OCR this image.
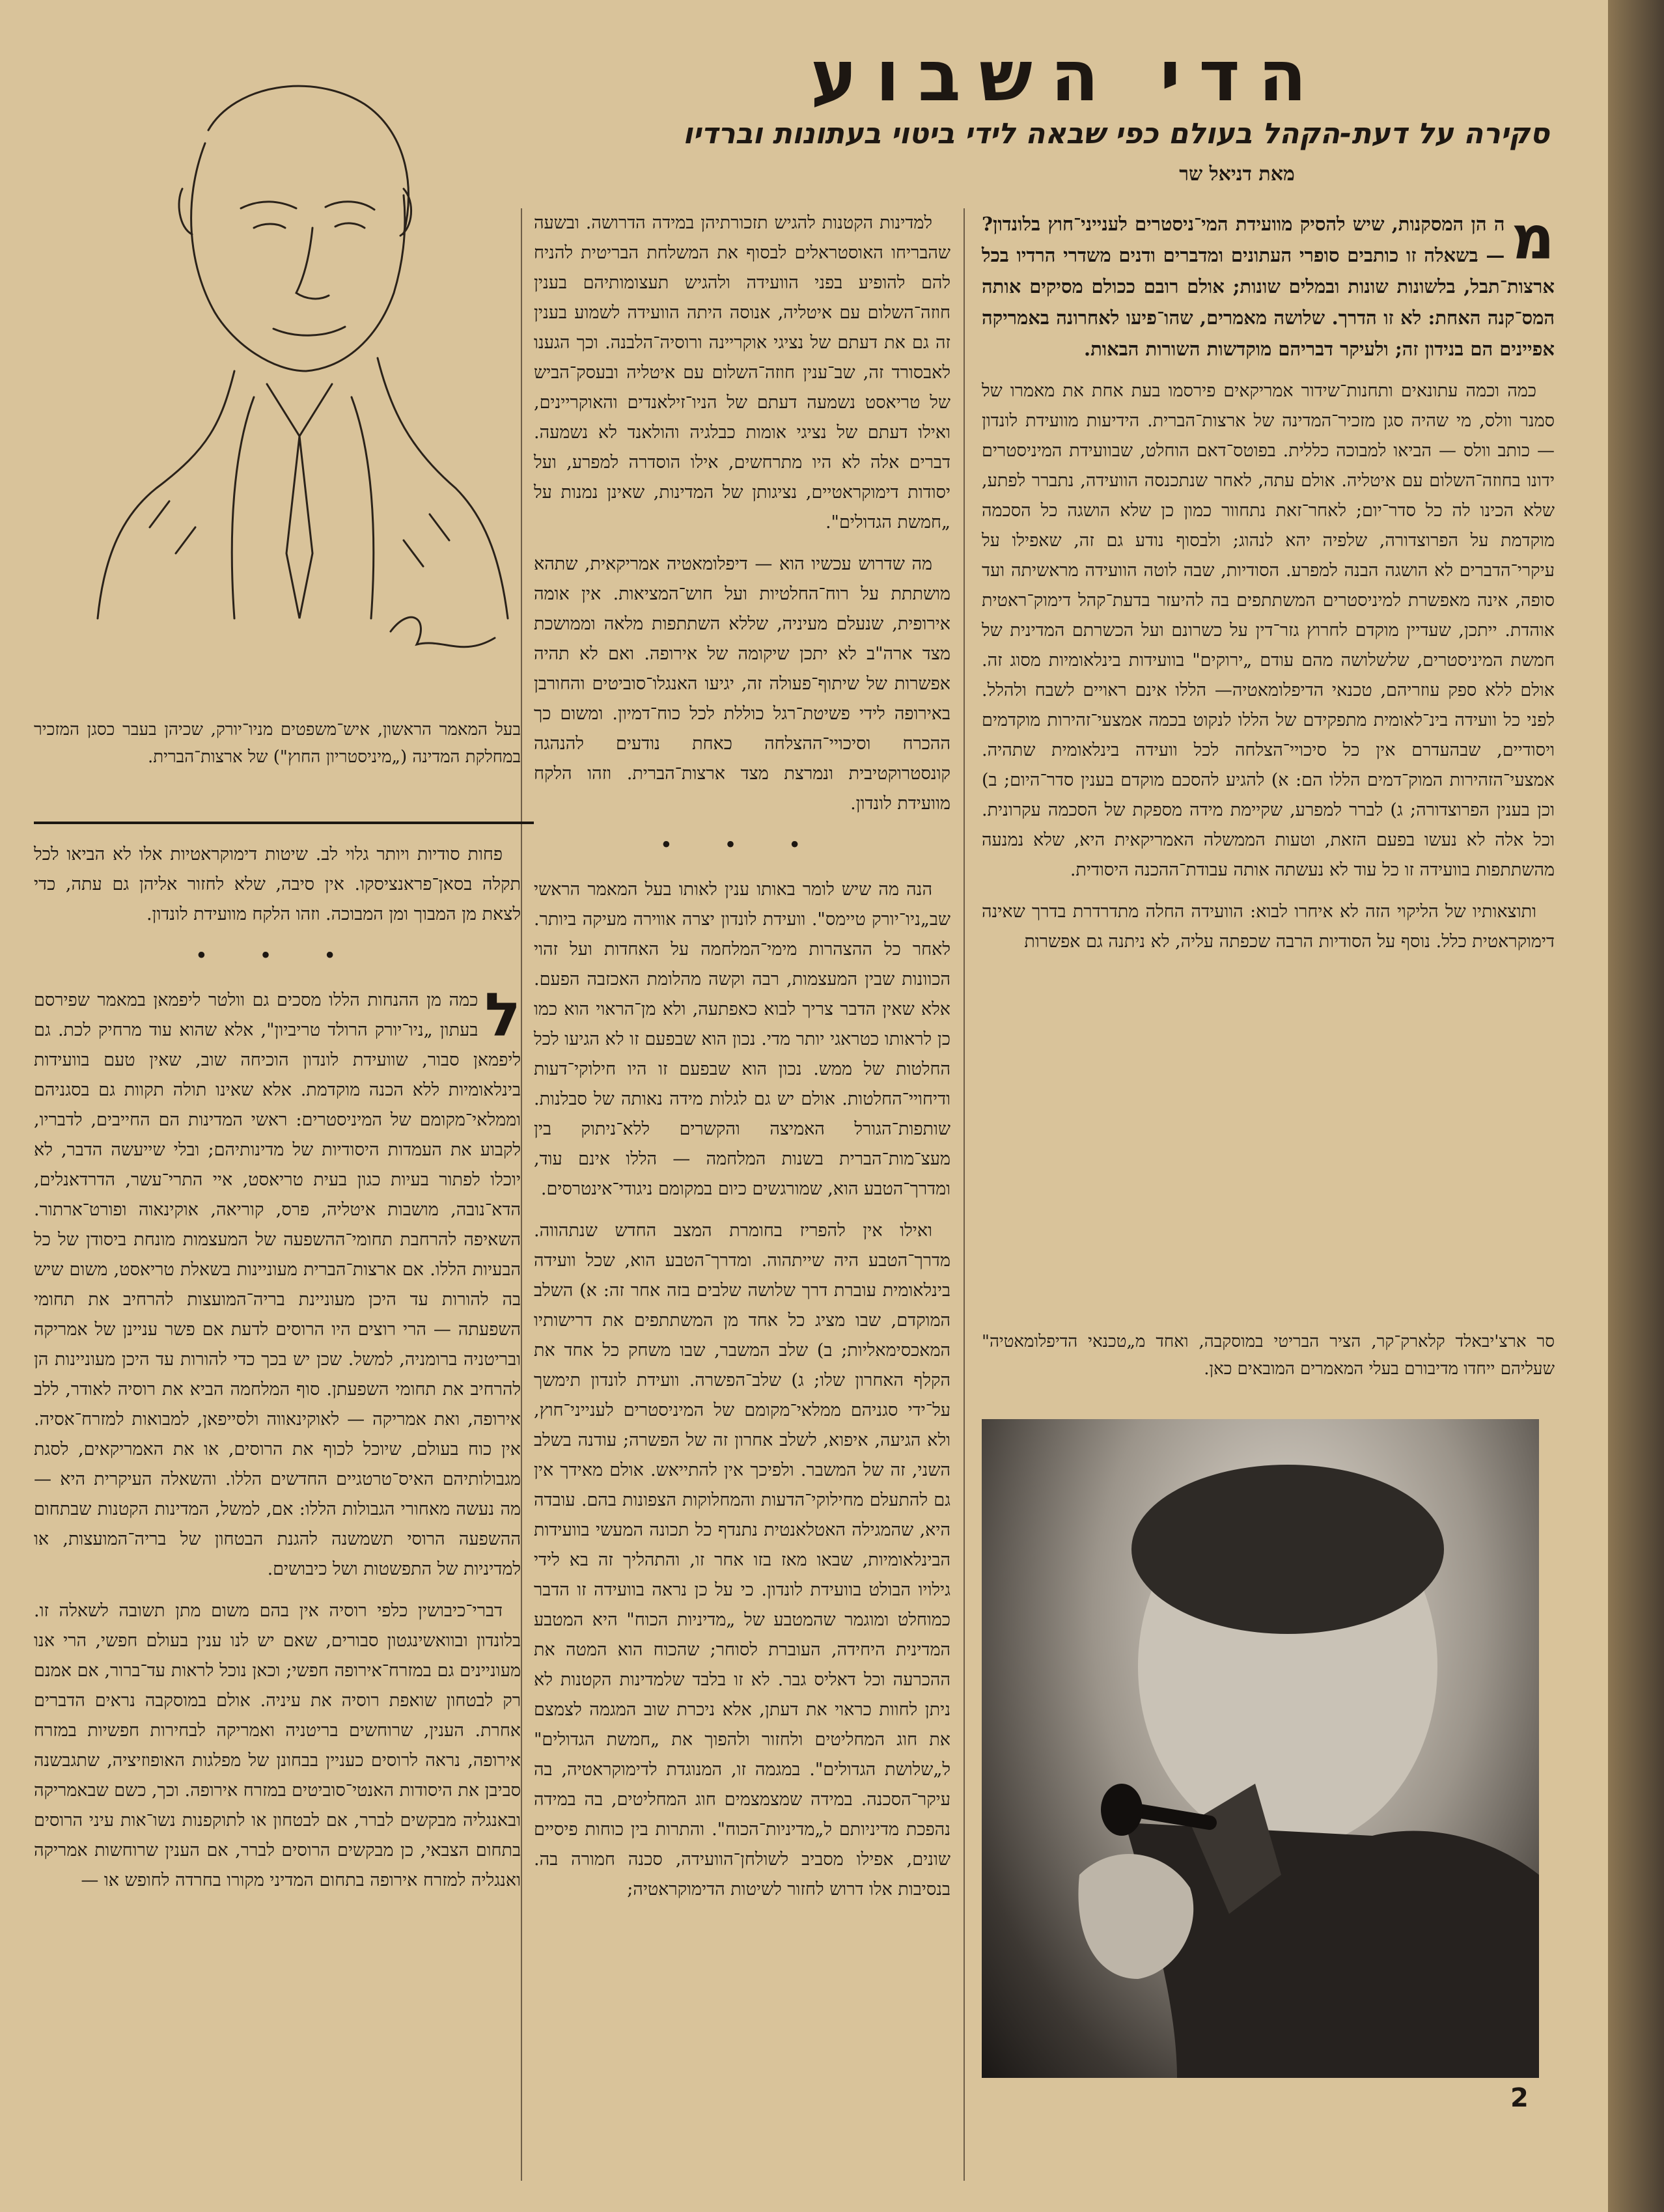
הדי השבוע
סקירה על דעת-הקהל בעולם כפי שבאה לידי ביטוי בעתונות וברדיו
מאת דניאל שר

מ
ה הן המסקנות, שיש להסיק מוועידת המי־ניסטרים לענייני־חוץ בלונדון? — בשאלה זו כותבים סופרי העתונים ומדברים ודנים משדרי הרדיו בכל ארצות־תבל, בלשונות שונות ובמלים שונות; אולם רובם ככולם מסיקים אותה המס־קנה האחת: לא זו הדרך. שלושה מאמרים, שהו־פיעו לאחרונה באמריקה אפיינים הם בנידון זה; ולעיקר דבריהם מוקדשות השורות הבאות.

כמה וכמה עתונאים ותחנות־שידור אמריקאים פירסמו בעת אחת את מאמרו של סמנר וולס, מי שהיה סגן מזכיר־המדינה של ארצות־הברית. הידיעות מוועידת לונדון — כותב וולס — הביאו למבוכה כללית. בפוטס־דאם הוחלט, שבוועידת המיניסטרים ידונו בחוזה־השלום עם איטליה. אולם עתה, לאחר שנתכנסה הוועידה, נתברר לפתע, שלא הכינו לה כל סדר־יום; לאחר־זאת נתחוור כמון כן שלא הושגה כל הסכמה מוקדמת על הפרוצדורה, שלפיה יהא לנהוג; ולבסוף נודע גם זה, שאפילו על עיקרי־הדברים לא הושגה הבנה למפרע. הסודיות, שבה לוטה הוועידה מראשיתה ועד סופה, אינה מאפשרת למיניסטרים המשתתפים בה להיעזר בדעת־קהל דימוק־ראטית אוהדת. ייתכן, שעדיין מוקדם לחרוץ גזר־דין על כשרונם ועל הכשרתם המדינית של חמשת המיניסטרים, שלשלושה מהם עודם „ירוקים" בוועידות בינלאומיות מסוג זה. אולם ללא ספק עוזריהם, טכנאי הדיפלומאטיה— הללו אינם ראויים לשבח ולהלל. לפני כל וועידה בינ־לאומית מתפקידם של הללו לנקוט בכמה אמצעי־זהירות מוקדמים ויסודיים, שבהעדרם אין כל סיכויי־הצלחה לכל וועידה בינלאומית שתהיה. אמצעי־הזהירות המוק־דמים הללו הם: א) להגיע להסכם מוקדם בענין סדר־היום; ב) וכן בענין הפרוצדורה; ג) לברר למפרע, שקיימת מידה מספקת של הסכמה עקרונית. וכל אלה לא נעשו בפעם הזאת, וטעות הממשלה האמריקאית היא, שלא נמנעה מהשתתפות בוועידה זו כל עוד לא נעשתה אותה עבודת־ההכנה היסודית.

ותוצאותיו של הליקוי הזה לא איחרו לבוא: הוועידה החלה מתדרדרת בדרך שאינה דימוקראטית כלל. נוסף על הסודיות הרבה שכפתה עליה, לא ניתנה גם אפשרות

סר ארצ'יבאלד קלארק־קר, הציר הבריטי במוסקבה, ואחד מ„טכנאי הדיפלומאטיה" שעליהם ייחדו מדיבורם בעלי המאמרים המובאים כאן.

למדינות הקטנות להגיש תזכורתיהן במידה הדרושה. ובשעה שהבריחו האוסטראלים לבסוף את המשלחת הבריטית להניח להם להופיע בפני הוועידה ולהגיש תעצומותיהם בענין חוזה־השלום עם איטליה, אנוסה היתה הוועידה לשמוע בענין זה גם את דעתם של נציגי אוקריינה ורוסיה־הלבנה. וכך הגענו לאבסורד זה, שב־ענין חוזה־השלום עם איטליה ובעסק־הביש של טריאסט נשמעה דעתם של הניו־זילאנדים והאוקריינים, ואילו דעתם של נציגי אומות כבלגיה והולאנד לא נשמעה. דברים אלה לא היו מתרחשים, אילו הוסדרה למפרע, ועל יסודות דימוקראטיים, נציגותן של המדינות, שאינן נמנות על „חמשת הגדולים".

מה שדרוש עכשיו הוא — דיפלומאטיה אמריקאית, שתהא מושתתת על רוח־החלטיות ועל חוש־המציאות. אין אומה אירופית, שנעלם מעיניה, שללא השתתפות מלאה וממושכת מצד ארה"ב לא יתכן שיקומה של אירופה. ואם לא תהיה אפשרות של שיתוף־פעולה זה, יגיעו האנגלו־סוביטים והחורבן באירופה לידי פשיטת־רגל כוללת לכל כוח־דמיון. ומשום כך ההכרח וסיכויי־ההצלחה כאחת נודעים להנהגה קונסטרוקטיבית ונמרצת מצד ארצות־הברית. וזהו הלקח מוועידת לונדון.

• • •

הנה מה שיש לומר באותו ענין לאותו בעל המאמר הראשי שב„ניו־יורק טיימס". וועידת לונדון יצרה אווירה מעיקה ביותר. לאחר כל ההצהרות מימי־המלחמה על האחדות ועל זהוי הכוונות שבין המעצמות, רבה וקשה מהלומת האכזבה הפעם. אלא שאין הדבר צריך לבוא כאפתעה, ולא מן־הראוי הוא כמו כן לראותו כטראגי יותר מדי. נכון הוא שבפעם זו לא הגיעו לכל החלטות של ממש. נכון הוא שבפעם זו היו חילוקי־דעות ודיחויי־החלטות. אולם יש גם לגלות מידה נאותה של סבלנות. שותפות־הגורל האמיצה והקשרים ללא־ניתוק בין מעצ־מות־הברית בשנות המלחמה — הללו אינם עוד, ומדרך־הטבע הוא, שמורגשים כיום במקומם ניגודי־אינטרסים.

ואילו אין להפריז בחומרת המצב החדש שנתהווה. מדרך־הטבע היה שייתהוה. ומדרך־הטבע הוא, שכל וועידה בינלאומית עוברת דרך שלושה שלבים בזה אחר זה: א) השלב המוקדם, שבו מציג כל אחד מן המשתתפים את דרישותיו המאכסימאליות; ב) שלב המשבר, שבו משחק כל אחד את הקלף האחרון שלו; ג) שלב־הפשרה. וועידת לונדון תימשך על־ידי סגניהם ממלאי־מקומם של המיניסטרים לענייני־חוץ, ולא הגיעה, איפוא, לשלב אחרון זה של הפשרה; עודנה בשלב השני, זה של המשבר. ולפיכך אין להתייאש. אולם מאידך אין גם להתעלם מחילוקי־הדעות והמחלוקות הצפונות בהם. עובדה היא, שהמגילה האטלאנטית נתנדף כל תכונה המעשי בוועידות הבינלאומיות, שבאו מאז בזו אחר זו, והתהליך זה בא לידי גילויו הבולט בוועידת לונדון. כי על כן נראה בוועידה זו הדבר כמוחלט ומוגמר שהמטבע של „מדיניות הכוח" היא המטבע המדינית היחידה, העוברת לסוחר; שהכוח הוא המטה את ההכרעה וכל דאליס גבר. לא זו בלבד שלמדינות הקטנות לא ניתן לחוות כראוי את דעתן, אלא ניכרת שוב המגמה לצמצם את חוג המחליטים ולחזור ולהפוך את „חמשת הגדולים" ל„שלושת הגדולים". במגמה זו, המנוגדת לדימוקראטיה, בה עיקר־הסכנה. במידה שמצמצמים חוג המחליטים, בה במידה נהפכת מדיניותם ל„מדיניות־הכוח". והתרות בין כוחות פיסיים שונים, אפילו מסביב לשולחן־הוועידה, סכנה חמורה בה. בנסיבות אלו דרוש לחזור לשיטות הדימוקראטיה;

בעל המאמר הראשון, איש־משפטים מניו־יורק, שכיהן בעבר כסגן המזכיר במחלקת המדינה („מיניסטריון החוץ") של ארצות־הברית.

פחות סודיות ויותר גלוי לב. שיטות דימוקראטיות אלו לא הביאו לכל תקלה בסאן־פראנציסקו. אין סיבה, שלא לחזור אליהן גם עתה, כדי לצאת מן המבוך ומן המבוכה. וזהו הלקח מוועידת לונדון.

• • •

ל
כמה מן ההנחות הללו מסכים גם וולטר ליפמאן במאמר שפירסם בעתון „ניו־יורק הרולד טריביון", אלא שהוא עוד מרחיק לכת. גם ליפמאן סבור, שוועידת לונדון הוכיחה שוב, שאין טעם בוועידות בינלאומיות ללא הכנה מוקדמת. אלא שאינו תולה תקוות גם בסגניהם וממלאי־מקומם של המיניסטרים: ראשי המדינות הם החייבים, לדבריו, לקבוע את העמדות היסודיות של מדינותיהם; ובלי שייעשה הדבר, לא יוכלו לפתור בעיות כגון בעית טריאסט, איי התרי־עשר, הדרדאנלים, הדא־נובה, מושבות איטליה, פרס, קוריאה, אוקינאוה ופורט־ארתור. השאיפה להרחבת תחומי־ההשפעה של המעצמות מונחת ביסודן של כל הבעיות הללו. אם ארצות־הברית מעוניינות בשאלת טריאסט, משום שיש בה להורות עד היכן מעוניינת בריה־המועצות להרחיב את תחומי השפעתה — הרי רוצים היו הרוסים לדעת אם פשר עניינן של אמריקה ובריטניה ברומניה, למשל. שכן יש בכך כדי להורות עד היכן מעוניינות הן להרחיב את תחומי השפעתן. סוף המלחמה הביא את רוסיה לאודר, ללב אירופה, ואת אמריקה — לאוקינאווה ולסייפאן, למבואות למזרח־אסיה. אין כוח בעולם, שיוכל לכוף את הרוסים, או את האמריקאים, לסגת מגבולותיהם האיס־טרטגיים החדשים הללו. והשאלה העיקרית היא — מה נעשה מאחורי הגבולות הללו: אם, למשל, המדינות הקטנות שבתחום ההשפעה הרוסי תשמשנה להגנת הבטחון של בריה־המועצות, או למדיניות של התפשטות ושל כיבושים.

דברי־כיבושין כלפי רוסיה אין בהם משום מתן תשובה לשאלה זו. בלונדון ובוואשינגטון סבורים, שאם יש לנו ענין בעולם חפשי, הרי אנו מעוניינים גם במזרח־אירופה חפשי; וכאן נוכל לראות עד־ברור, אם אמנם רק לבטחון שואפת רוסיה את עיניה. אולם במוסקבה נראים הדברים אחרת. הענין, שרוחשים בריטניה ואמריקה לבחירות חפשיות במזרח אירופה, נראה לרוסים כעניין בבחונן של מפלגות האופוזיציה, שתגבשנה סביבן את היסודות האנטי־סוביטים במזרח אירופה. וכך, כשם שבאמריקה ובאנגליה מבקשים לברר, אם לבטחון או לתוקפנות נשו־אות עיני הרוסים בתחום הצבאי, כן מבקשים הרוסים לברר, אם הענין שרוחשות אמריקה ואנגליה למזרח אירופה בתחום המדיני מקורו בחרדה לחופש או —

2
